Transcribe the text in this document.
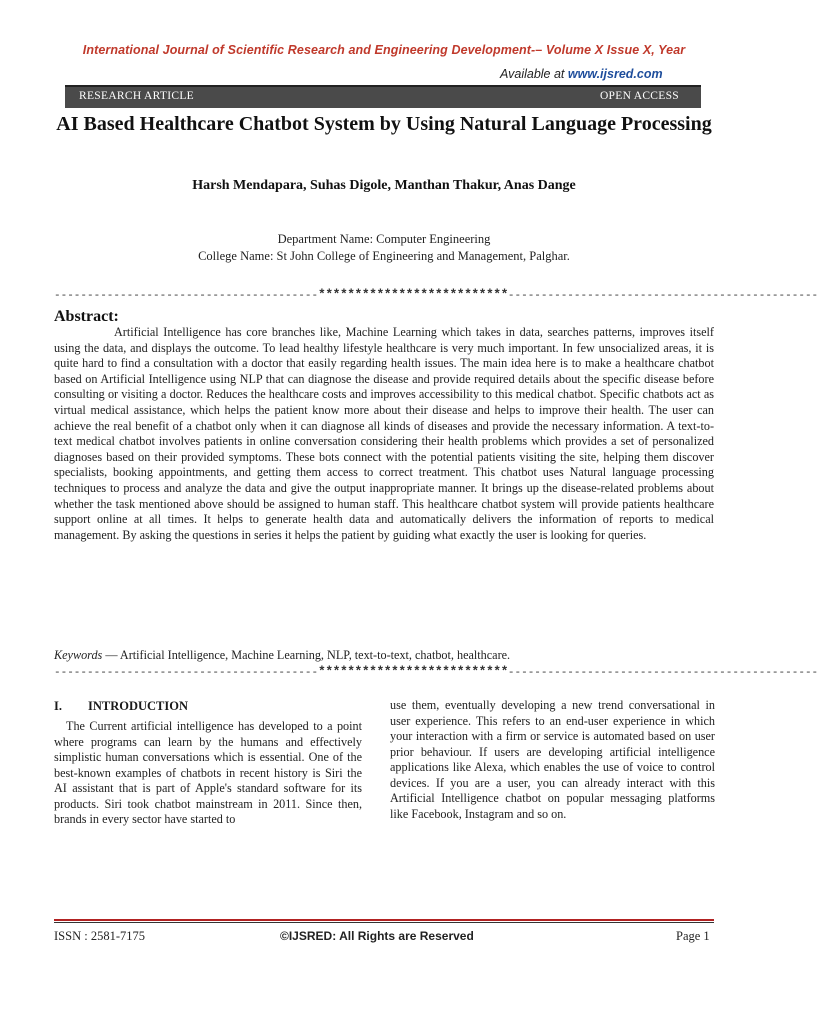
International Journal of Scientific Research and Engineering Development-– Volume X Issue X, Year
Available at www.ijsred.com
RESEARCH ARTICLE	OPEN ACCESS
AI Based Healthcare Chatbot System by Using Natural Language Processing
Harsh Mendapara, Suhas Digole, Manthan Thakur, Anas Dange
Department Name: Computer Engineering
College Name: St John College of Engineering and Management, Palghar.
----------------------------------------**************************-----------------------------------------------
Abstract:
Artificial Intelligence has core branches like, Machine Learning which takes in data, searches patterns, improves itself using the data, and displays the outcome. To lead healthy lifestyle healthcare is very much important. In few unsocialized areas, it is quite hard to find a consultation with a doctor that easily regarding health issues. The main idea here is to make a healthcare chatbot based on Artificial Intelligence using NLP that can diagnose the disease and provide required details about the specific disease before consulting or visiting a doctor. Reduces the healthcare costs and improves accessibility to this medical chatbot. Specific chatbots act as virtual medical assistance, which helps the patient know more about their disease and helps to improve their health. The user can achieve the real benefit of a chatbot only when it can diagnose all kinds of diseases and provide the necessary information. A text-to-text medical chatbot involves patients in online conversation considering their health problems which provides a set of personalized diagnoses based on their provided symptoms. These bots connect with the potential patients visiting the site, helping them discover specialists, booking appointments, and getting them access to correct treatment. This chatbot uses Natural language processing techniques to process and analyze the data and give the output inappropriate manner. It brings up the disease-related problems about whether the task mentioned above should be assigned to human staff. This healthcare chatbot system will provide patients healthcare support online at all times. It helps to generate health data and automatically delivers the information of reports to medical management. By asking the questions in series it helps the patient by guiding what exactly the user is looking for queries.
Keywords — Artificial Intelligence, Machine Learning, NLP, text-to-text, chatbot, healthcare.
----------------------------------------**************************-----------------------------------------------
I. INTRODUCTION
The Current artificial intelligence has developed to a point where programs can learn by the humans and effectively simplistic human conversations which is essential. One of the best-known examples of chatbots in recent history is Siri the AI assistant that is part of Apple's standard software for its products. Siri took chatbot mainstream in 2011. Since then, brands in every sector have started to
use them, eventually developing a new trend conversational in user experience. This refers to an end-user experience in which your interaction with a firm or service is automated based on user prior behaviour. If users are developing artificial intelligence applications like Alexa, which enables the use of voice to control devices. If you are a user, you can already interact with this Artificial Intelligence chatbot on popular messaging platforms like Facebook, Instagram and so on.
ISSN : 2581-7175	©IJSRED: All Rights are Reserved	Page 1
